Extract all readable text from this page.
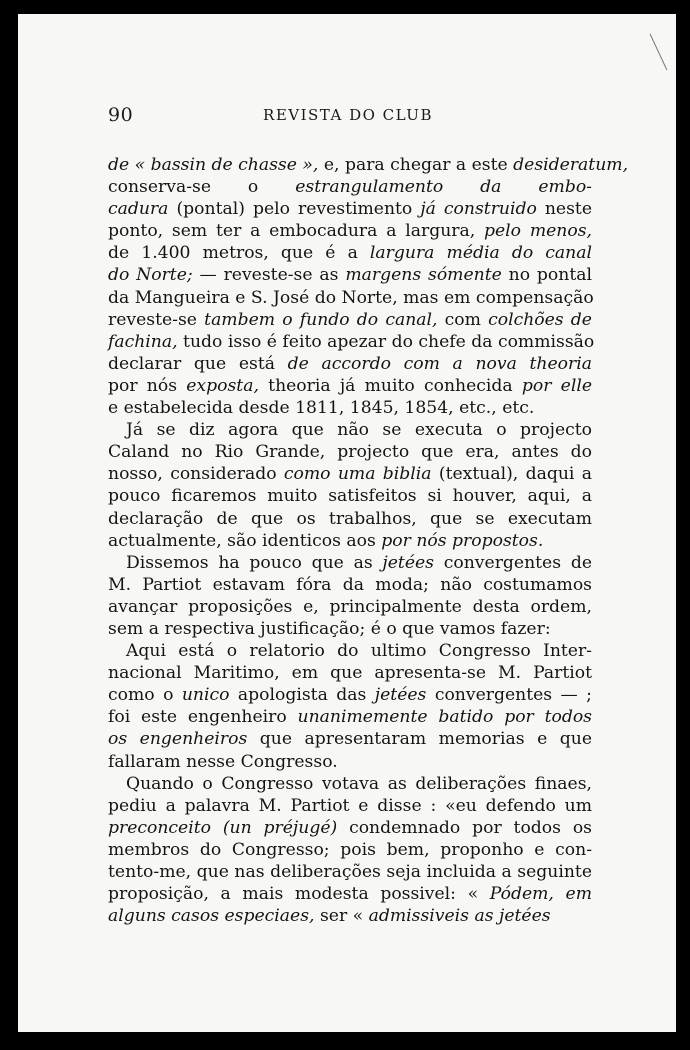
90	REVISTA DO CLUB
de « bassin de chasse », e, para chegar a este desideratum,
conserva-se o estrangulamento da embo-
cadura (pontal) pelo revestimento já construido neste
ponto, sem ter a embocadura a largura, pelo menos,
de 1.400 metros, que é a largura média do canal
do Norte; — reveste-se as margens sómente no pontal
da Mangueira e S. José do Norte, mas em compensação
reveste-se tambem o fundo do canal, com colchões de
fachina, tudo isso é feito apezar do chefe da commissão
declarar que está de accordo com a nova theoria
por nós exposta, theoria já muito conhecida por elle
e estabelecida desde 1811, 1845, 1854, etc., etc.
Já se diz agora que não se executa o projecto
Caland no Rio Grande, projecto que era, antes do
nosso, considerado como uma biblia (textual), daqui a
pouco ficaremos muito satisfeitos si houver, aqui, a
declaração de que os trabalhos, que se executam
actualmente, são identicos aos por nós propostos.
Dissemos ha pouco que as jetées convergentes de
M. Partiot estavam fóra da moda; não costumamos
avançar proposições e, principalmente desta ordem,
sem a respectiva justificação; é o que vamos fazer:
Aqui está o relatorio do ultimo Congresso Inter-
nacional Maritimo, em que apresenta-se M. Partiot
como o unico apologista das jetées convergentes — ;
foi este engenheiro unanimemente batido por todos
os engenheiros que apresentaram memorias e que
fallaram nesse Congresso.
Quando o Congresso votava as deliberações finaes,
pediu a palavra M. Partiot e disse : «eu defendo um
preconceito (un préjugé) condemnado por todos os
membros do Congresso; pois bem, proponho e con-
tento-me, que nas deliberações seja incluida a seguinte
proposição, a mais modesta possivel: « Pódem, em
alguns casos especiaes, ser « admissiveis as jetées
